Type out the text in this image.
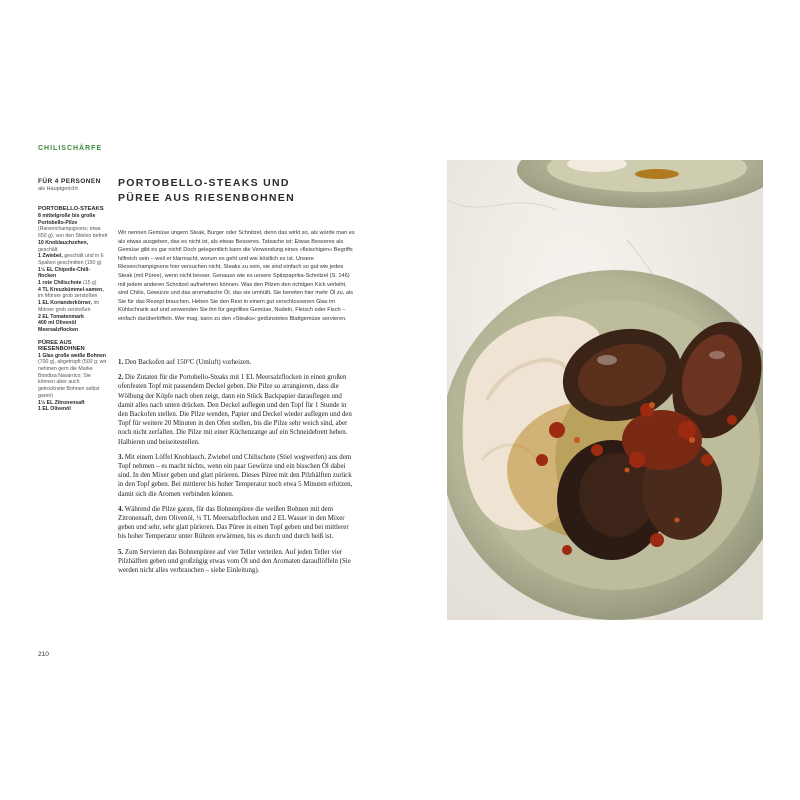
CHILISCHÄRFE
FÜR 4 PERSONEN
als Hauptgericht
PORTOBELLO-STEAKS
8 mittelgroße bis große Portobello-Pilze (Riesenchampignons; etwa 650 g), von den Stielen befreit
10 Knoblauchzehen, geschält
1 Zwiebel, geschält und in 6 Spalten geschnitten (150 g)
1½ EL Chipotle-Chili-flocken
1 rote Chilischote (15 g)
4 TL Kreuzkümmel-samen, im Mörser grob zerstoßen
1 EL Korianderkörner, im Mörser grob zerstoßen
2 EL Tomatenmark
400 ml Olivenöl
Meersalzflocken
PÜREE AUS RIESENBOHNEN
1 Glas große weiße Bohnen (700 g), abgetropft (500 g; wir nehmen gern die Marke Brindisa Navarrico; Sie können aber auch getrocknete Bohnen selbst garen)
1½ EL Zitronensaft
1 EL Olivenöl
PORTOBELLO-STEAKS UND PÜREE AUS RIESENBOHNEN

Wir nennen Gemüse ungern Steak, Burger oder Schnitzel, denn das wirkt so, als würde man es als etwas ausgeben, das es nicht ist, als etwas Besseres. Tatsache ist: Etwas Besseres als Gemüse gibt es gar nicht! Doch gelegentlich kann die Verwendung eines »fleischigen« Begriffs hilfreich sein – weil er klarmacht, worum es geht und wie köstlich es ist. Unsere Riesenchampignons hier versuchen nicht, Steaks zu sein, sie sind einfach so gut wie jedes Steak (mit Püree), wenn nicht besser. Genauso wie es unsere Spitzpaprika-Schnitzel (S. 146) mit jedem anderen Schnitzel aufnehmen können. Was den Pilzen den richtigen Kick verleiht, sind Chilis, Gewürze und das aromatische Öl, das sie umhüllt. Sie bereiten hier mehr Öl zu, als Sie für das Rezept brauchen. Heben Sie den Rest in einem gut verschlossenen Glas im Kühlschrank auf und verwenden Sie ihn für gegrilltes Gemüse, Nudeln, Fleisch oder Fisch – einfach darüberlöffeln. Wer mag, kann zu den »Steaks« gedünstetes Blattgemüse servieren.

1. Den Backofen auf 150°C (Umluft) vorheizen.

2. Die Zutaten für die Portobello-Steaks mit 1 EL Meersalzflocken in einen großen ofenfesten Topf mit passendem Deckel geben. Die Pilze so arrangieren, dass die Wölbung der Köpfe nach oben zeigt, dann ein Stück Backpapier darauflegen und damit alles nach unten drücken. Den Deckel auflegen und den Topf für 1 Stunde in den Backofen stellen. Die Pilze wenden, Papier und Deckel wieder auflegen und den Topf für weitere 20 Minuten in den Ofen stellen, bis die Pilze sehr weich sind, aber noch nicht zerfallen. Die Pilze mit einer Küchenzange auf ein Schneidebrett heben. Halbieren und beiseitestellen.

3. Mit einem Löffel Knoblauch, Zwiebel und Chilischote (Stiel wegwerfen) aus dem Topf nehmen – es macht nichts, wenn ein paar Gewürze und ein bisschen Öl dabei sind. In den Mixer geben und glatt pürieren. Dieses Püree mit den Pilzhälften zurück in den Topf geben. Bei mittlerer bis hoher Temperatur noch etwa 5 Minuten erhitzen, damit sich die Aromen verbinden können.

4. Während die Pilze garen, für das Bohnenpüree die weißen Bohnen mit dem Zitronensaft, dem Olivenöl, ½ TL Meersalzflocken und 2 EL Wasser in den Mixer geben und sehr, sehr glatt pürieren. Das Püree in einen Topf geben und bei mittlerer bis hoher Temperatur unter Rühren erwärmen, bis es durch und durch heiß ist.

5. Zum Servieren das Bohnenpüree auf vier Teller verteilen. Auf jeden Teller vier Pilzhälften geben und großzügig etwas vom Öl und den Aromaten darauflöffeln (Sie werden nicht alles verbrauchen – siehe Einleitung).

210
